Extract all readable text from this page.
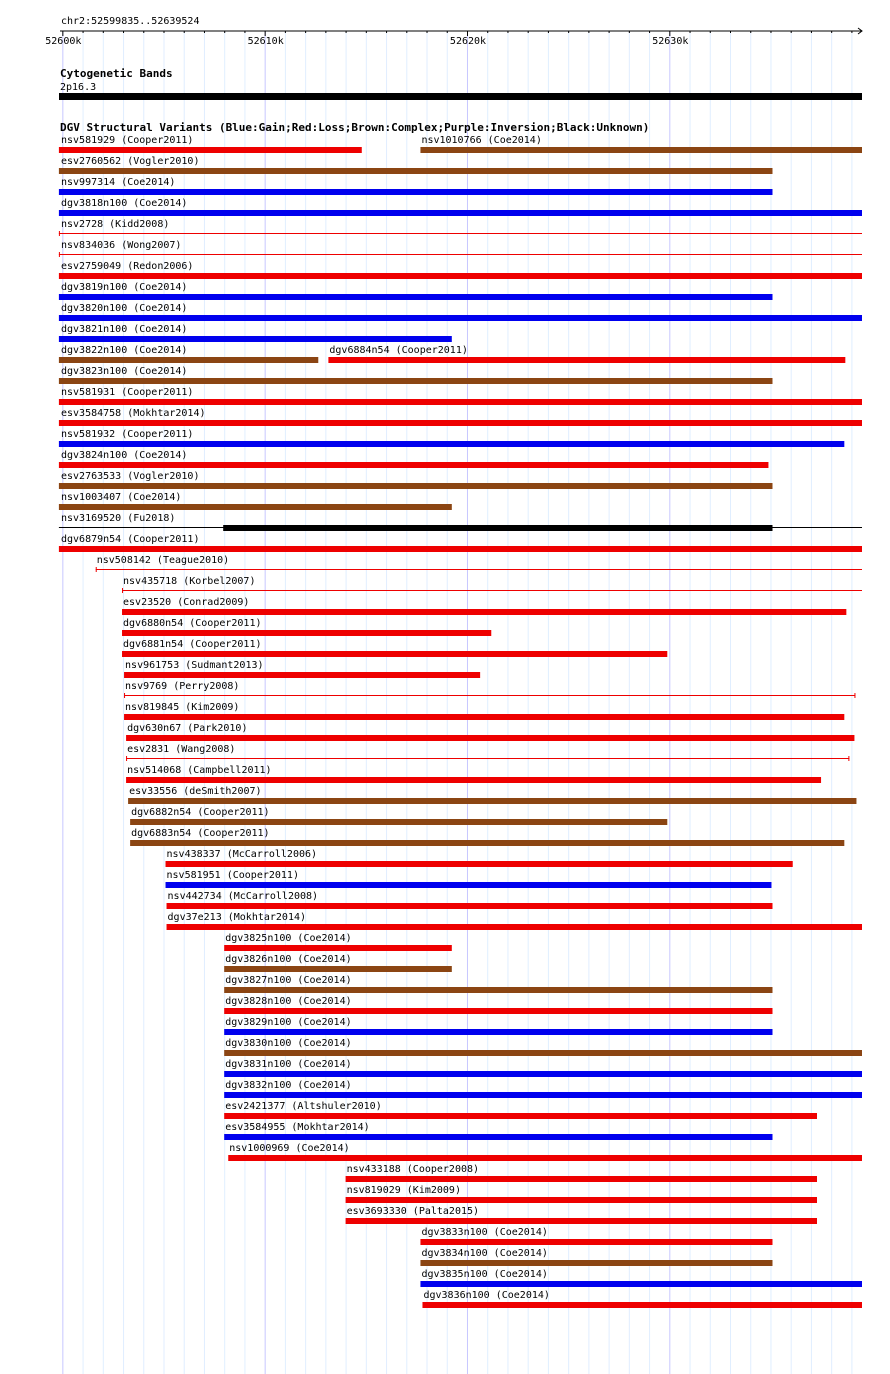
chr2:52599835..52639524
52600k	52610k	52620k	52630k
Cytogenetic Bands
2p16.3
DGV Structural Variants (Blue:Gain;Red:Loss;Brown:Complex;Purple:Inversion;Black:Unknown)
nsv581929 (Cooper2011)	nsv1010766 (Coe2014)
esv2760562 (Vogler2010)
nsv997314 (Coe2014)
dgv3818n100 (Coe2014)
nsv2728 (Kidd2008)
nsv834036 (Wong2007)
esv2759049 (Redon2006)
dgv3819n100 (Coe2014)
dgv3820n100 (Coe2014)
dgv3821n100 (Coe2014)
dgv3822n100 (Coe2014)	dgv6884n54 (Cooper2011)
dgv3823n100 (Coe2014)
nsv581931 (Cooper2011)
esv3584758 (Mokhtar2014)
nsv581932 (Cooper2011)
dgv3824n100 (Coe2014)
esv2763533 (Vogler2010)
nsv1003407 (Coe2014)
nsv3169520 (Fu2018)
dgv6879n54 (Cooper2011)
nsv508142 (Teague2010)
nsv435718 (Korbel2007)
esv23520 (Conrad2009)
dgv6880n54 (Cooper2011)
dgv6881n54 (Cooper2011)
nsv961753 (Sudmant2013)
nsv9769 (Perry2008)
nsv819845 (Kim2009)
dgv630n67 (Park2010)
esv2831 (Wang2008)
nsv514068 (Campbell2011)
esv33556 (deSmith2007)
dgv6882n54 (Cooper2011)
dgv6883n54 (Cooper2011)
nsv438337 (McCarroll2006)
nsv581951 (Cooper2011)
nsv442734 (McCarroll2008)
dgv37e213 (Mokhtar2014)
dgv3825n100 (Coe2014)
dgv3826n100 (Coe2014)
dgv3827n100 (Coe2014)
dgv3828n100 (Coe2014)
dgv3829n100 (Coe2014)
dgv3830n100 (Coe2014)
dgv3831n100 (Coe2014)
dgv3832n100 (Coe2014)
esv2421377 (Altshuler2010)
esv3584955 (Mokhtar2014)
nsv1000969 (Coe2014)
nsv433188 (Cooper2008)
nsv819029 (Kim2009)
esv3693330 (Palta2015)
dgv3833n100 (Coe2014)
dgv3834n100 (Coe2014)
dgv3835n100 (Coe2014)
dgv3836n100 (Coe2014)
